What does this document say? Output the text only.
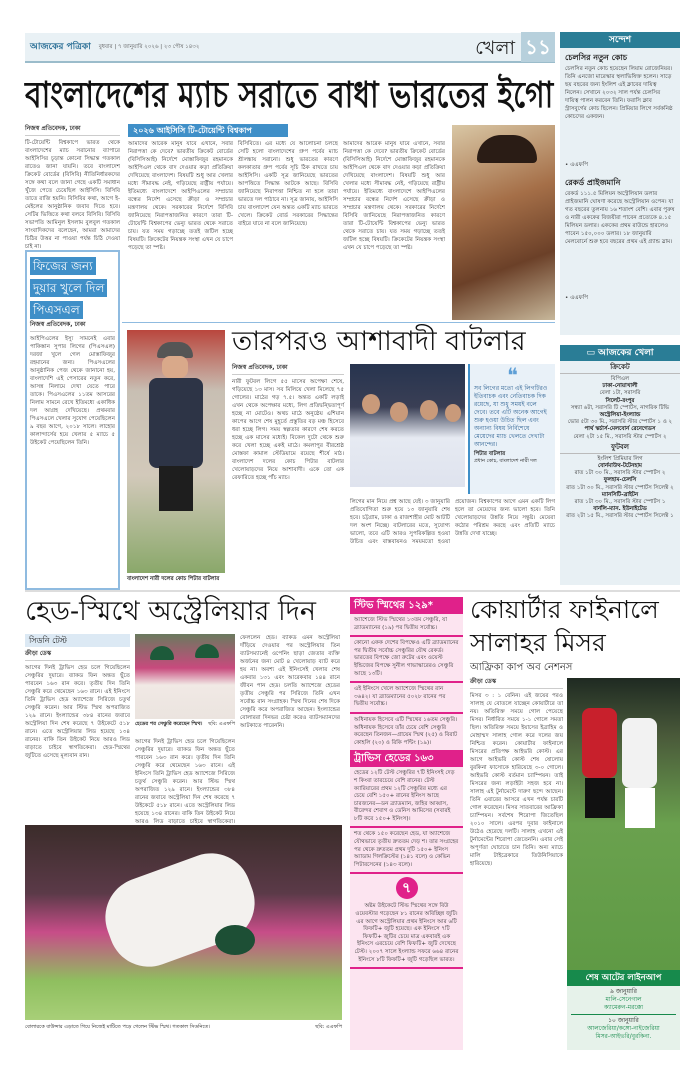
আজকের পত্রিকা বুধবার | ৭ জানুয়ারি ২০২৬ | ২৩ পৌষ ১৪৩২	খেলা ১১
বাংলাদেশের ম্যাচ সরাতে বাধা ভারতের ইগো
নিজস্ব প্রতিবেদক, ঢাকা
টি-টোয়েন্টি বিশ্বকাপে ভারত থেকে বাংলাদেশের ম্যাচ সরানোর ব্যাপারে আইসিসির চূড়ান্ত কোনো সিদ্ধান্ত গতকাল রাতেও জানা যায়নি। তবে বাংলাদেশ ক্রিকেট বোর্ডের (বিসিবি) নীতিনির্ধারকদের সঙ্গে কথা বলে জানা গেছে একটি সমাধান খুঁজে পেতে চেয়েছিল আইসিসি। বিসিবি তাতে রাজি হয়নি। বিসিবির কথা, আগে ই-মেইলের আনুষ্ঠানিক জবাব দিতে হবে। সেটির ভিত্তিতে কথা বলবে বিসিবি। বিসিবি সভাপতি আমিনুল ইসলাম বুলবুল গতকাল সাংবাদিকদের বলেছেন, আমরা আমাদের চিঠির উত্তর না পাওয়া পর্যন্ত চিঠি দেওয়া চাই না।
২০২৬ আইসিসি টি-টোয়েন্টি বিশ্বকাপ
আমাদের আরেক মানুষ যাবে এখানে, সবার নিরাপত্তা কে দেবে? ভারতীয় ক্রিকেট বোর্ডের (বিসিসিআই) নির্দেশে মোস্তাফিজুর রহমানকে আইপিএল থেকে বাদ দেওয়ার কড়া প্রতিক্রিয়া দেখিয়েছে বাংলাদেশ। বিষয়টি শুধু আর খেলার মধ্যে সীমাবদ্ধ নেই, গড়িয়েছে রাষ্ট্রীয় পর্যায়ে। ইতিমধ্যে বাংলাদেশে আইপিএলের সম্প্রচার বন্ধের নির্দেশ এসেছে ক্রীড়া ও সম্প্রচার মন্ত্রণালয় থেকে। সরকারের নির্দেশে বিসিবি জানিয়েছে নিরাপত্তাজনিত কারণে তারা টি-টোয়েন্টি বিশ্বকাপের ভেন্যু ভারত থেকে সরাতে চায়। যত সময় গড়াচ্ছে ততই জটিল হচ্ছে বিষয়টি। ক্রিকেটের নিয়ন্ত্রক সংস্থা এখন যে চাপে পড়েছে তা স্পষ্ট।
বিসিবিতে। এর মধ্যে যে আলোচনা চলছে সেটি হলো বাংলাদেশের গ্রুপ পর্বের ম্যাচ শ্রীলঙ্কায় সরানো। শুধু ভারতের কারণে কলকাতার গ্রুপ পর্বের সূচি ঠিক রাখতে চায় আইসিসি। একটি সূত্র জানিয়েছে ভারতের আপত্তিতে সিদ্ধান্ত আটকে আছে। বিসিবি জানিয়েছে নিরাপত্তা নিশ্চিত না হলে তারা ভারতে দল পাঠাবে না। সূত্র জানায়, আইসিসি চায় বাংলাদেশ যেন অন্তত একটি ম্যাচ ভারতে খেলে। ক্রিকেট বোর্ড সরকারের সিদ্ধান্তের বাইরে যাবে না বলে জানিয়েছে।
আমাদের আরেক মানুষ যাবে এখানে, সবার নিরাপত্তা কে দেবে? ভারতীয় ক্রিকেট বোর্ডের (বিসিসিআই) নির্দেশে মোস্তাফিজুর রহমানকে আইপিএল থেকে বাদ দেওয়ার কড়া প্রতিক্রিয়া দেখিয়েছে বাংলাদেশ। বিষয়টি শুধু আর খেলার মধ্যে সীমাবদ্ধ নেই, গড়িয়েছে রাষ্ট্রীয় পর্যায়ে। ইতিমধ্যে বাংলাদেশে আইপিএলের সম্প্রচার বন্ধের নির্দেশ এসেছে ক্রীড়া ও সম্প্রচার মন্ত্রণালয় থেকে। সরকারের নির্দেশে বিসিবি জানিয়েছে নিরাপত্তাজনিত কারণে তারা টি-টোয়েন্টি বিশ্বকাপের ভেন্যু ভারত থেকে সরাতে চায়। যত সময় গড়াচ্ছে ততই জটিল হচ্ছে বিষয়টি। ক্রিকেটের নিয়ন্ত্রক সংস্থা এখন যে চাপে পড়েছে তা স্পষ্ট।
ফিজের জন্য দুয়ার খুলে দিল পিএসএল
নিজস্ব প্রতিবেদক, ঢাকা
আইপিএলের ইস্যু সামনেই এবার পাকিস্তান সুপার লিগের (পিএসএল) দরজা খুলে গেল মোস্তাফিজুর রহমানের জন্য। পিএসএলের আনুষ্ঠানিক পেজ থেকে জানানো হয়, বাংলাদেশি এই পেসারের নতুন করে, আসন্ন নিলামে দেখা যেতে পারে তাকে। পিএসএলের ১১তম আসরের নিলাম সামনে রেখে ইতিমধ্যে একাধিক দল আগ্রহ দেখিয়েছে। প্রথমবার পিএসএলে খেলার সুযোগ পেয়েছিলেন ৯ বছর আগে, ২০১৮ সালে। লাহোর কালান্দার্সের হয়ে খেলার ৫ ম্যাচে ৫ উইকেট পেয়েছিলেন তিনি।
বাংলাদেশ নারী দলের কোচ পিটার বাটলার
তারপরও আশাবাদী বাটলার
নিজস্ব প্রতিবেদক, ঢাকা
নারী ফুটবল লিগে ৫৫ মাসের অপেক্ষা শেষে, গড়িয়েছে ১৩ মাস। সব মিলিয়ে খেলা মিলেছে ৭৫ গোলের। মাঠের গড় ৭.৫। অন্তত একটি লড়াই এখন থেকে অপেক্ষার মধ্যে, লিগ প্রতিদ্বন্দ্বিতাপূর্ণ হচ্ছে না মোটেও। অথচ মাঠে অনুষ্ঠেয় এশিয়ান কাপের আগে শেষ মুহূর্তে প্রস্তুতির বড় মঞ্চ হিসেবে ধরা হচ্ছে লিগ। সময় স্বল্পতার কারণে শেষ করতে হচ্ছে এক মাসের মধ্যেই। বিকেল দুটো থেকে শুরু করে খেলা হচ্ছে একই মাঠে। কমলাপুর বীরশ্রেষ্ঠ মোস্তফা কামাল স্টেডিয়ামে রয়েছে শীর্ষে মাঠ। বাংলাদেশ দলের কোচ পিটার বাটলার খেলোয়াড়দের নিয়ে আশাবাদী। একে তো এক রেফারিতে হচ্ছে পাঁচ ম্যাচ।
❝
সব লিগের মতো এই লিগটিরও ইতিবাচক এবং নেতিবাচক দিক রয়েছে, যা শুধু সময়ই বলে দেবে। তবে এটি অনেক আগেই শুরু হওয়া উচিত ছিল এবং অন্যান্য বিষয় নির্বিশেষে মেয়েদের ম্যাচ খেলতে দেখাটা আনন্দের।
পিটার বাটলার
প্রধান কোচ, বাংলাদেশ নারী দল
লিগের মান নিয়ে প্রশ্ন আছে যেই। ৩ জানুয়ারি প্রতিযোগিতা শুরু হয়ে ১৩ জানুয়ারি শেষ হবে। চট্টগ্রাম, ঢাকা ও রাজশাহীর মোট আটটি দল অংশ নিচ্ছে। বাটলারের মতে, সুযোগ্য ভালো, তবে এটি আরও সুপরিকল্পিত হওয়া উচিত এবং বাস্তবায়নও সময়মতো হওয়া প্রয়োজন। বিশ্বকাপের আগে এমন একটি লিগ হলে তা মেয়েদের জন্য ভালো হবে। তিনি খেলোয়াড়দের উন্নতি নিয়ে সন্তুষ্ট। মেয়েরা কঠোর পরিশ্রম করছে এবং প্রতিটি ম্যাচে উন্নতি দেখা যাচ্ছে।
সন্দেশ
চেলসির নতুন কোচ
চেলসির নতুন কোচ হয়েছেন লিয়াম রোজেনিয়র। তিনি এনজো মারেস্কার স্থলাভিষিক্ত হলেন। সাড়ে ছয় বছরের জন্য ইংলিশ এই ক্লাবের দায়িত্ব নিলেন। সেখানে ২০৩২ সাল পর্যন্ত চেলসির দায়িত্ব পালন করবেন তিনি। ফরাসি ক্লাব স্ট্রাসবুর্গের কোচ ছিলেন। প্রিমিয়ার লিগে সর্বকনিষ্ঠ কোচদের একজন।
• এএফপি
রেকর্ড প্রাইজমানি
রেকর্ড ১১১.৫ মিলিয়ন অস্ট্রেলিয়ান ডলার প্রাইজমানি ঘোষণা করেছে অস্ট্রেলিয়ান ওপেন। যা গত বছরের তুলনায় ১৬ শতাংশ বেশি। এবার পুরুষ ও নারী এককের বিজয়ীরা পাবেন প্রত্যেকে ৪.১৫ মিলিয়ন ডলার। এককের প্রথম রাউন্ডে হারলেও পাবেন ১৫০,০০০ ডলার। ১৮ জানুয়ারি মেলবোর্নে শুরু হবে বছরের প্রথম এই গ্র্যান্ড স্লাম।
• এএফপি
▭ আজকের খেলা
ক্রিকেট
বিপিএল
ঢাকা-নোয়াখালী
বেলা ১টা, সরাসরি
সিলেট-রংপুর
সন্ধ্যা ৬টা, সরাসরি টি স্পোর্টস, নাগরিক টিভি
অস্ট্রেলিয়া-ইংল্যান্ড
ভোর ৫টা ৩০ মি., সরাসরি স্টার স্পোর্টস ১ ও ২
পার্থ স্কর্চার্স-মেলবোর্ন রেনেগেডস
বেলা ২টা ১৫ মি., সরাসরি স্টার স্পোর্টস ২
ফুটবল
ইংলিশ প্রিমিয়ার লিগ
বোর্নমাউথ-টটেনহাম
রাত ১টা ৩০ মি., সরাসরি স্টার স্পোর্টস ২
ফুলহাম-চেলসি
রাত ১টা ৩০ মি., সরাসরি স্টার স্পোর্টস সিলেক্ট ২
ম্যানসিটি-ব্রাইটন
রাত ১টা ৩০ মি., সরাসরি স্টার স্পোর্টস ১
বার্নলি-ম্যান. ইউনাইটেড
রাত ২টা ১৫ মি., সরাসরি স্টার স্পোর্টস সিলেক্ট ১
হেড-স্মিথে অস্ট্রেলিয়ার দিন
সিডনি টেস্ট
ক্রীড়া ডেস্ক
আগের দিনই ট্রাভিস হেড চলে গিয়েছিলেন সেঞ্চুরির দুয়ারে। ব্যাকড ফিন অন্তত ছুঁতে পারবেন ১৬৩ রান করে। তৃতীয় দিন তিনি সেঞ্চুরি করে থেমেছেন ১৬৩ রানে। এই ইনিংসে তিনি ট্রাভিস হেড অ্যাশেজে সিরিজে চতুর্থ সেঞ্চুরি করেন। আর স্টিভ স্মিথ অপরাজিত ১২৯ রানে। ইংল্যান্ডের ৩৮৪ রানের জবাবে অস্ট্রেলিয়া দিন শেষ করেছে ৭ উইকেটে ৫১৮ রানে। এতে অস্ট্রেলিয়ার লিড হয়েছে ১৩৪ রানের। বাকি তিন উইকেট নিয়ে আরও লিড বাড়াতে চাইবে স্বাগতিকেরা। হেড-স্মিথের জুটিতে এসেছে মূল্যবান রান।
হেডের পর সেঞ্চুরি করেছেন স্মিথ। ছবি: এএফপি
আগের দিনই ট্রাভিস হেড চলে গিয়েছিলেন সেঞ্চুরির দুয়ারে। ব্যাকড ফিন অন্তত ছুঁতে পারবেন ১৬৩ রান করে। তৃতীয় দিন তিনি সেঞ্চুরি করে থেমেছেন ১৬৩ রানে। এই ইনিংসে তিনি ট্রাভিস হেড অ্যাশেজে সিরিজে চতুর্থ সেঞ্চুরি করেন। আর স্টিভ স্মিথ অপরাজিত ১২৯ রানে। ইংল্যান্ডের ৩৮৪ রানের জবাবে অস্ট্রেলিয়া দিন শেষ করেছে ৭ উইকেটে ৫১৮ রানে। এতে অস্ট্রেলিয়ার লিড হয়েছে ১৩৪ রানের। বাকি তিন উইকেট নিয়ে আরও লিড বাড়াতে চাইবে স্বাগতিকেরা।
ফেললেন হেড। ব্যাকড এমন অস্ট্রেলিয়া দাঁড়িয়ে দেওয়ার পর অস্ট্রেলিয়ার তিন ব্যাটসম্যানেই ওপেনিং ছাড়া জেতার ব্যক্তি অর্জনের জন্য মোট ৪ খেলোয়াড় ব্যাট করে হয় না। অবশ্য এই ইনিংসেই খেলার শেষ একবার ১৩১ এবং আরেকবার ১৪৪ রানে জীবন পান হেড। চলতি অ্যাশেজে হেডের তৃতীয় সেঞ্চুরি পর সিরিজে তিনি এখন সর্বোচ্চ রান সংগ্রাহক। স্মিথ দিনের শেষ দিকে সেঞ্চুরি করে অপরাজিত আছেন। ইংল্যান্ডের বোলাররা দিনভর চেষ্টা করেও ব্যাটসম্যানদের আটকাতে পারেননি।
বোলারকে বাউন্সার এড়াতে গিয়ে নিজেই মাটিতে পড়ে গেলেন স্টিভ স্মিথ। গতকাল সিডনিতে।	ছবি: এএফপি
স্টিভ স্মিথের ১২৯*
অ্যাশেজে স্টিভ স্মিথের ১৩তম সেঞ্চুরি, যা ব্র্যাডম্যানের (১৯) পর দ্বিতীয় সর্বোচ্চ।
কোনো একক দেশের বিপক্ষেও এটি ব্র্যাডম্যানের পর দ্বিতীয় সর্বোচ্চ সেঞ্চুরির যৌথ রেকর্ড। ভারতের বিপক্ষে জো রুটের এবং ওয়েস্ট ইন্ডিজের বিপক্ষে সুনীল গাভাস্কারেরও সেঞ্চুরি আছে ১৩টি।
এই ইনিংসে খেলে অ্যাশেজে স্মিথের রান ৩৬৪২। যা ব্র্যাডম্যানের ৫০২৮ রানের পর দ্বিতীয় সর্বোচ্চ।
অধিনায়ক হিসেবে এটি স্মিথের ১৬তম সেঞ্চুরি। অধিনায়ক হিসেবে তাঁর চেয়ে বেশি সেঞ্চুরি করেছেন তিনজন—গ্রায়েম স্মিথ (২৫) ও বিরাট কোহলি (২০) ও রিকি পন্টিং (১৯)।
ট্রাভিস হেডের ১৬৩
হেডের ১২টি টেস্ট সেঞ্চুরির ৭টি ইনিংসই দেড় শ কিংবা তারচেয়ে বেশি রানের। টেস্ট ক্যারিয়ারের প্রথম ১২টি সেঞ্চুরির মধ্যে এর চেয়ে বেশি ১৫০+ রানের ইনিংস আছে চারজনের—ডন ব্র্যাডম্যান, জহির আব্বাস, বীরেন্দর শেবাগ ও ডেনিস আমিসের (সবারই ৮টি করে ১৫০+ ইনিংস)।
শত থেকে ১৫০ করেছেন হেড, যা অ্যাশেজে যৌথভাবে তৃতীয় দ্রুততম দেড় শ। তার সংগ্রহের পর থেকে দ্রুততম প্রথম দুটি ১৫০+ ইনিংস অ্যাডাম গিলক্রিস্টের (১৪১ বলে) ও কেভিন পিটারসেনের (১৪৩ বলে)।
৭
অষ্টম উইকেটে স্টিভ স্মিথের সঙ্গে বিউ ওয়েবস্টার গড়েছেন ৮১ রানের অবিচ্ছিন্ন জুটি। এর আগে অস্ট্রেলিয়ার প্রথম ইনিংসে আর ৬টি ফিফটি+ জুটি হয়েছে। এক ইনিংসে ৭টি ফিফটি+ জুটির চেয়ে মাত্র একবারই এক ইনিংসে এরচেয়ে বেশি ফিফটি+ জুটি দেখেছে টেস্ট। ২০০৭ সালে ইংল্যান্ড সফরে ৬৬৪ রানের ইনিংসে ৮টি ফিফটি+ জুটি গড়েছিল ভারত।
কোয়ার্টার ফাইনালে
সালাহর মিসর
আফ্রিকা কাপ অব নেশনস
ক্রীড়া ডেস্ক
মিসর ৩ : ১ বেনিন। এই জয়ের পরও সালাহ যে বোতলে যাচ্ছেন কোয়ার্টারে তা নয়। অতিরিক্ত সময়ে গোল পেয়েছে মিসর। নির্ধারিত সময়ে ১-১ গোলে সমতা ছিল। অতিরিক্ত সময়ে ইয়াসের ইব্রাহিম ও মোহাম্মদ সালাহ গোল করে দলের জয় নিশ্চিত করেন। কোয়ার্টার ফাইনালে মিসরের প্রতিপক্ষ আইভরি কোস্ট। এর আগে আইভরি কোস্ট শেষ ষোলোয় বুরকিনা ফাসোকে হারিয়েছে ৩-০ গোলে। আইভরি কোস্ট বর্তমান চ্যাম্পিয়ন। তাই মিসরের জন্য লড়াইটা সহজ হবে না। সালাহ এই টুর্নামেন্টে দারুণ ছন্দে আছেন। তিনি এবারের আসরে এখন পর্যন্ত চারটি গোল করেছেন। মিসর সাতবারের আফ্রিকা চ্যাম্পিয়ন। সর্বশেষ শিরোপা জিতেছিল ২০১০ সালে। এরপর দুবার ফাইনালে উঠেও হেরেছে দলটি। সালাহ এখনো এই টুর্নামেন্টের শিরোপা জেতেননি। এবার সেই অপূর্ণতা ঘোচাতে চান তিনি। অন্য ম্যাচে মালি টাইব্রেকারে তিউনিসিয়াকে হারিয়েছে।
শেষ আটের লাইনআপ
৯ জানুয়ারি
মালি-সেনেগাল
ক্যামেরুন-মরক্কো
১০ জানুয়ারি
আলজেরিয়া/কঙ্গো-নাইজেরিয়া
মিসর-আইভরি/বুরকিনা.
